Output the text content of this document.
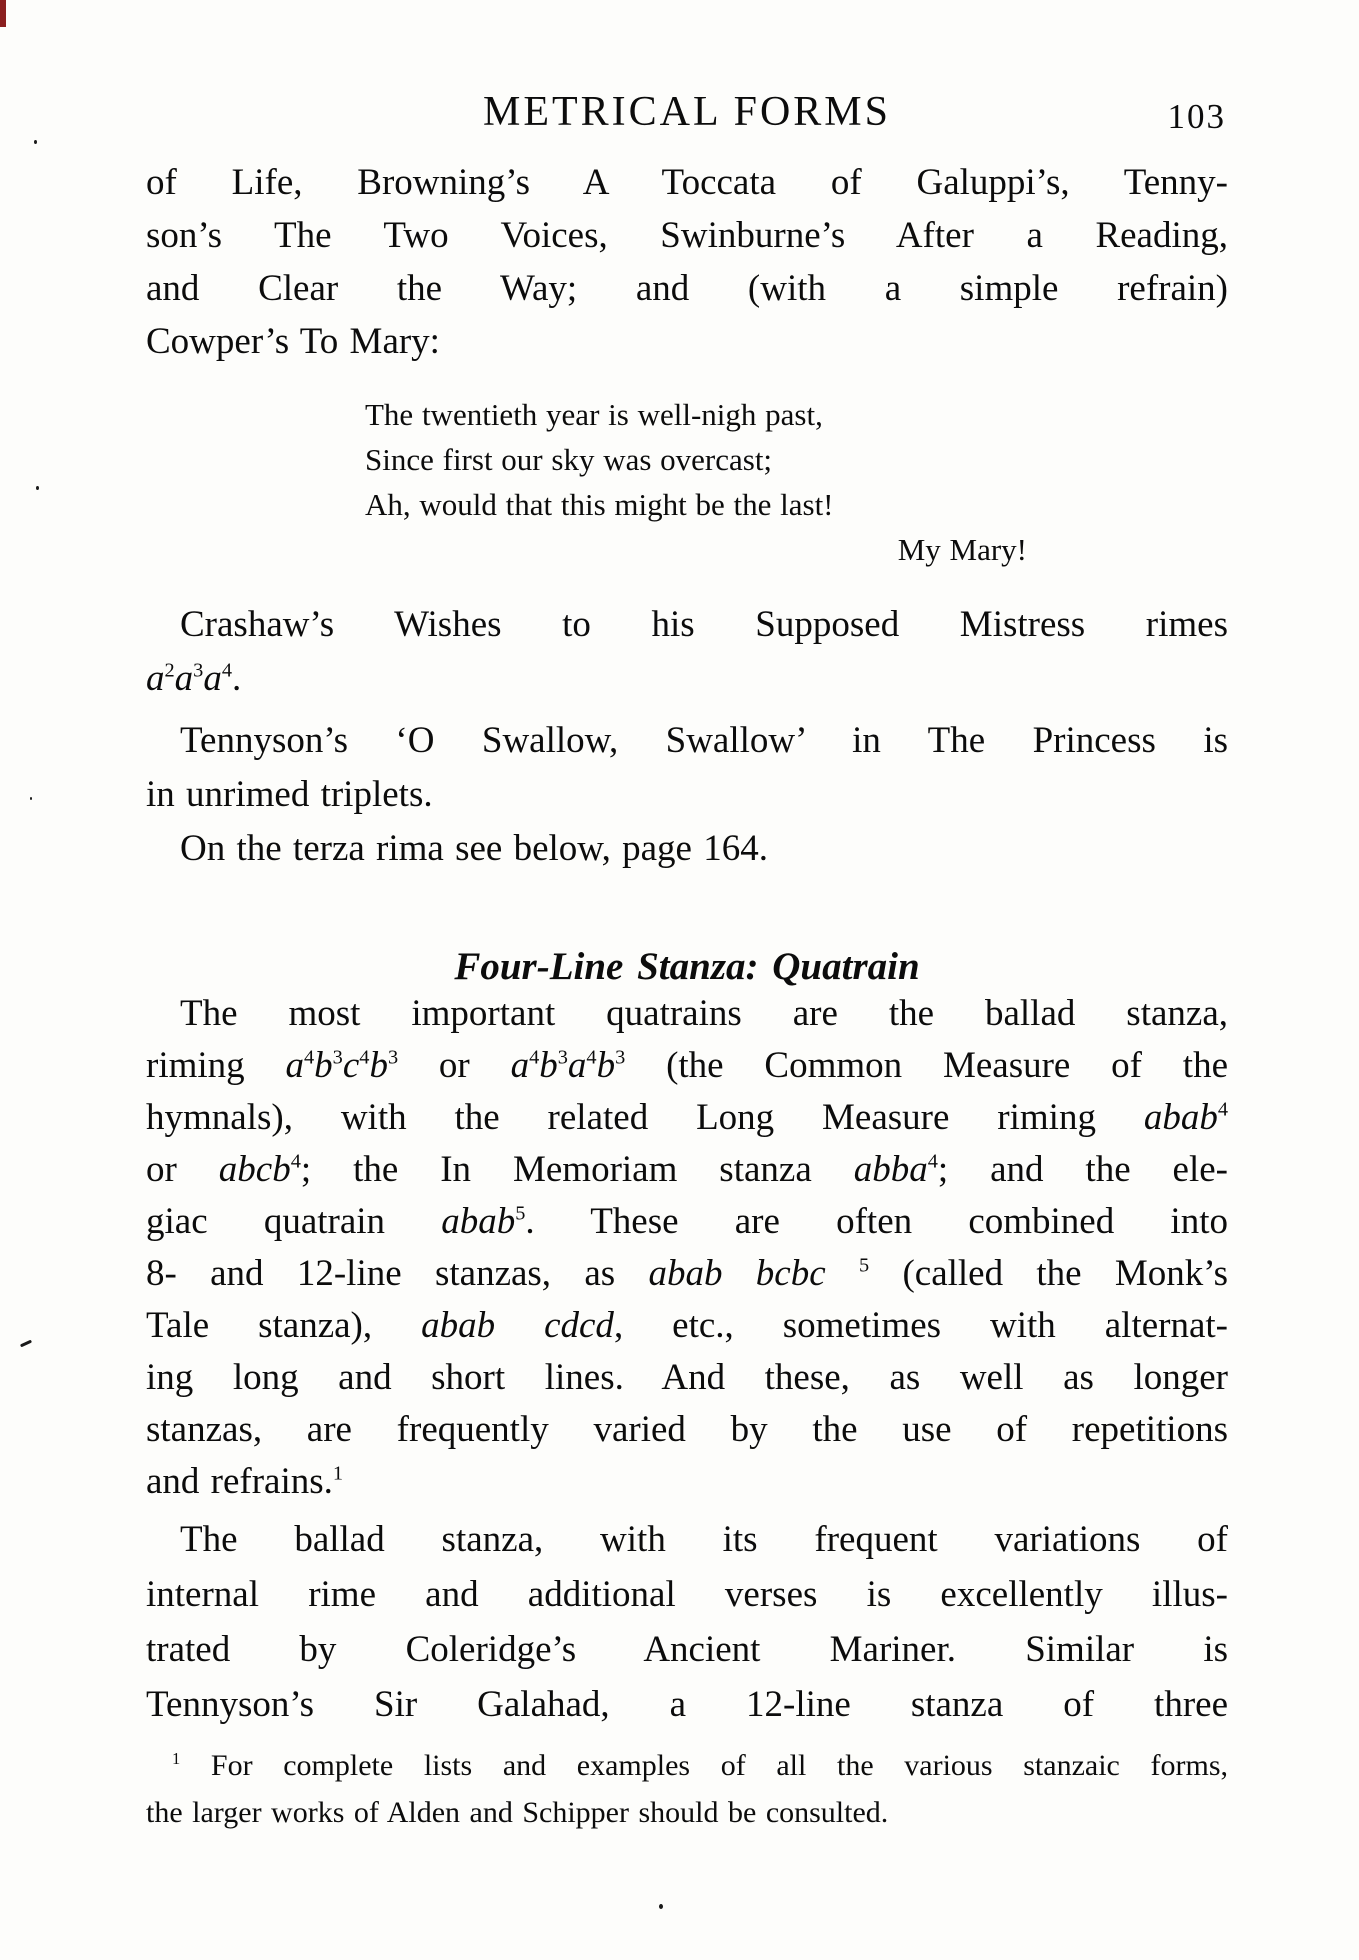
METRICAL FORMS	103
of Life, Browning’s A Toccata of Galuppi’s, Tenny-
son’s The Two Voices, Swinburne’s After a Reading,
and Clear the Way; and (with a simple refrain)
Cowper’s To Mary:
The twentieth year is well-nigh past,
Since first our sky was overcast;
Ah, would that this might be the last!
My Mary!
Crashaw’s Wishes to his Supposed Mistress rimes
$a^2a^3a^4$.
Tennyson’s ‘O Swallow, Swallow’ in The Princess is
in unrimed triplets.
On the terza rima see below, page 164.
Four-Line Stanza: Quatrain
The most important quatrains are the ballad stanza,
riming $a^4b^3c^4b^3$ or $a^4b^3a^4b^3$ (the Common Measure of the
hymnals), with the related Long Measure riming abab$^4$
or abcb$^4$; the In Memoriam stanza abba$^4$; and the ele-
giac quatrain abab$^5$. These are often combined into
8- and 12-line stanzas, as abab bcbc $^5$ (called the Monk’s
Tale stanza), abab cdcd, etc., sometimes with alternat-
ing long and short lines. And these, as well as longer
stanzas, are frequently varied by the use of repetitions
and refrains.$^1$
The ballad stanza, with its frequent variations of
internal rime and additional verses is excellently illus-
trated by Coleridge’s Ancient Mariner. Similar is
Tennyson’s Sir Galahad, a 12-line stanza of three
$^1$ For complete lists and examples of all the various stanzaic forms,
the larger works of Alden and Schipper should be consulted.
